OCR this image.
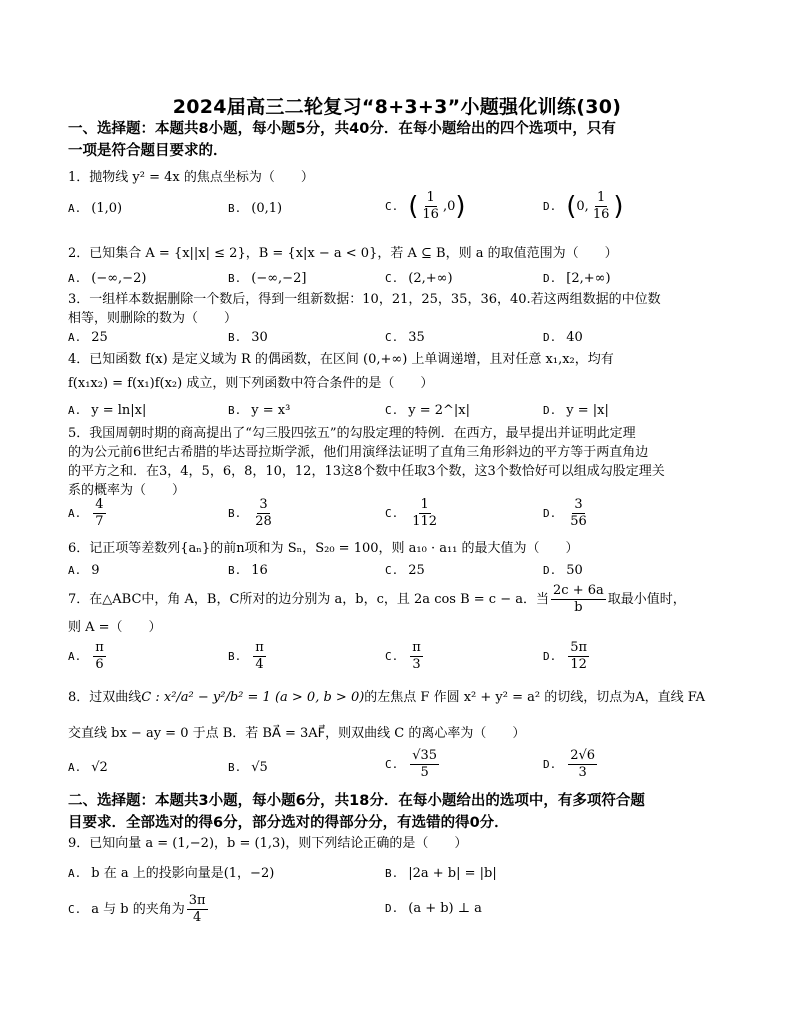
2024届高三二轮复习“8+3+3”小题强化训练(30)
一、选择题：本题共8小题，每小题5分，共40分．在每小题给出的四个选项中，只有
一项是符合题目要求的．
1．抛物线 y² = 4x 的焦点坐标为（　　）
A. (1,0)	B. (0,1)	C. ( $\frac{1}{16} ,0$)	D. (0, $\frac{1}{16}$ )
2．已知集合 A = {x||x| ≤ 2}，B = {x|x − a < 0}，若 A ⊆ B，则 a 的取值范围为（　　）
A. (−∞,−2)	B. (−∞,−2]	C. (2,+∞)	D. [2,+∞)
3．一组样本数据删除一个数后，得到一组新数据：10，21，25，35，36，40.若这两组数据的中位数
相等，则删除的数为（　　）
A. 25	B. 30	C. 35	D. 40
4．已知函数 f(x) 是定义域为 R 的偶函数，在区间 (0,+∞) 上单调递增，且对任意 x₁,x₂，均有
f(x₁x₂) = f(x₁)f(x₂) 成立，则下列函数中符合条件的是（　　）
A. y = ln|x|	B. y = x³	C. y = 2^|x|	D. y = |x|
5．我国周朝时期的商高提出了“勾三股四弦五”的勾股定理的特例．在西方，最早提出并证明此定理
的为公元前6世纪古希腊的毕达哥拉斯学派，他们用演绎法证明了直角三角形斜边的平方等于两直角边
的平方之和．在3，4，5，6，8，10，12，13这8个数中任取3个数，这3个数恰好可以组成勾股定理关
系的概率为（　　）
A. $\frac{4}{7}$	B. $\frac{3}{28}$	C. $\frac{1}{112}$	D. $\frac{3}{56}$
6．记正项等差数列{aₙ}的前n项和为 Sₙ，S₂₀ = 100，则 a₁₀ · a₁₁ 的最大值为（　　）
A. 9	B. 16	C. 25	D. 50
7．在△ABC中，角 A，B，C所对的边分别为 a，b，c，且 2a cos B = c − a．当 $\frac{2c + 6a}{b}$ 取最小值时，
则 A =（　　）
A. $\frac{\pi}{6}$	B. $\frac{\pi}{4}$	C. $\frac{\pi}{3}$	D. $\frac{5\pi}{12}$
8．过双曲线C : x²/a² − y²/b² = 1 (a > 0, b > 0)的左焦点 F 作圆 x² + y² = a² 的切线，切点为A，直线 FA
交直线 bx − ay = 0 于点 B．若 BA⃗ = 3AF⃗，则双曲线 C 的离心率为（　　）
A. √2	B. √5	C. $\frac{√35}{5}$	D. $\frac{2√6}{3}$
二、选择题：本题共3小题，每小题6分，共18分．在每小题给出的选项中，有多项符合题
目要求．全部选对的得6分，部分选对的得部分分，有选错的得0分．
9．已知向量 a = (1,−2)，b = (1,3)，则下列结论正确的是（　　）
A. b 在 a 上的投影向量是(1，−2)	B. |2a + b| = |b|
C. a 与 b 的夹角为 $\frac{3\pi}{4}$	D. (a + b) ⊥ a
